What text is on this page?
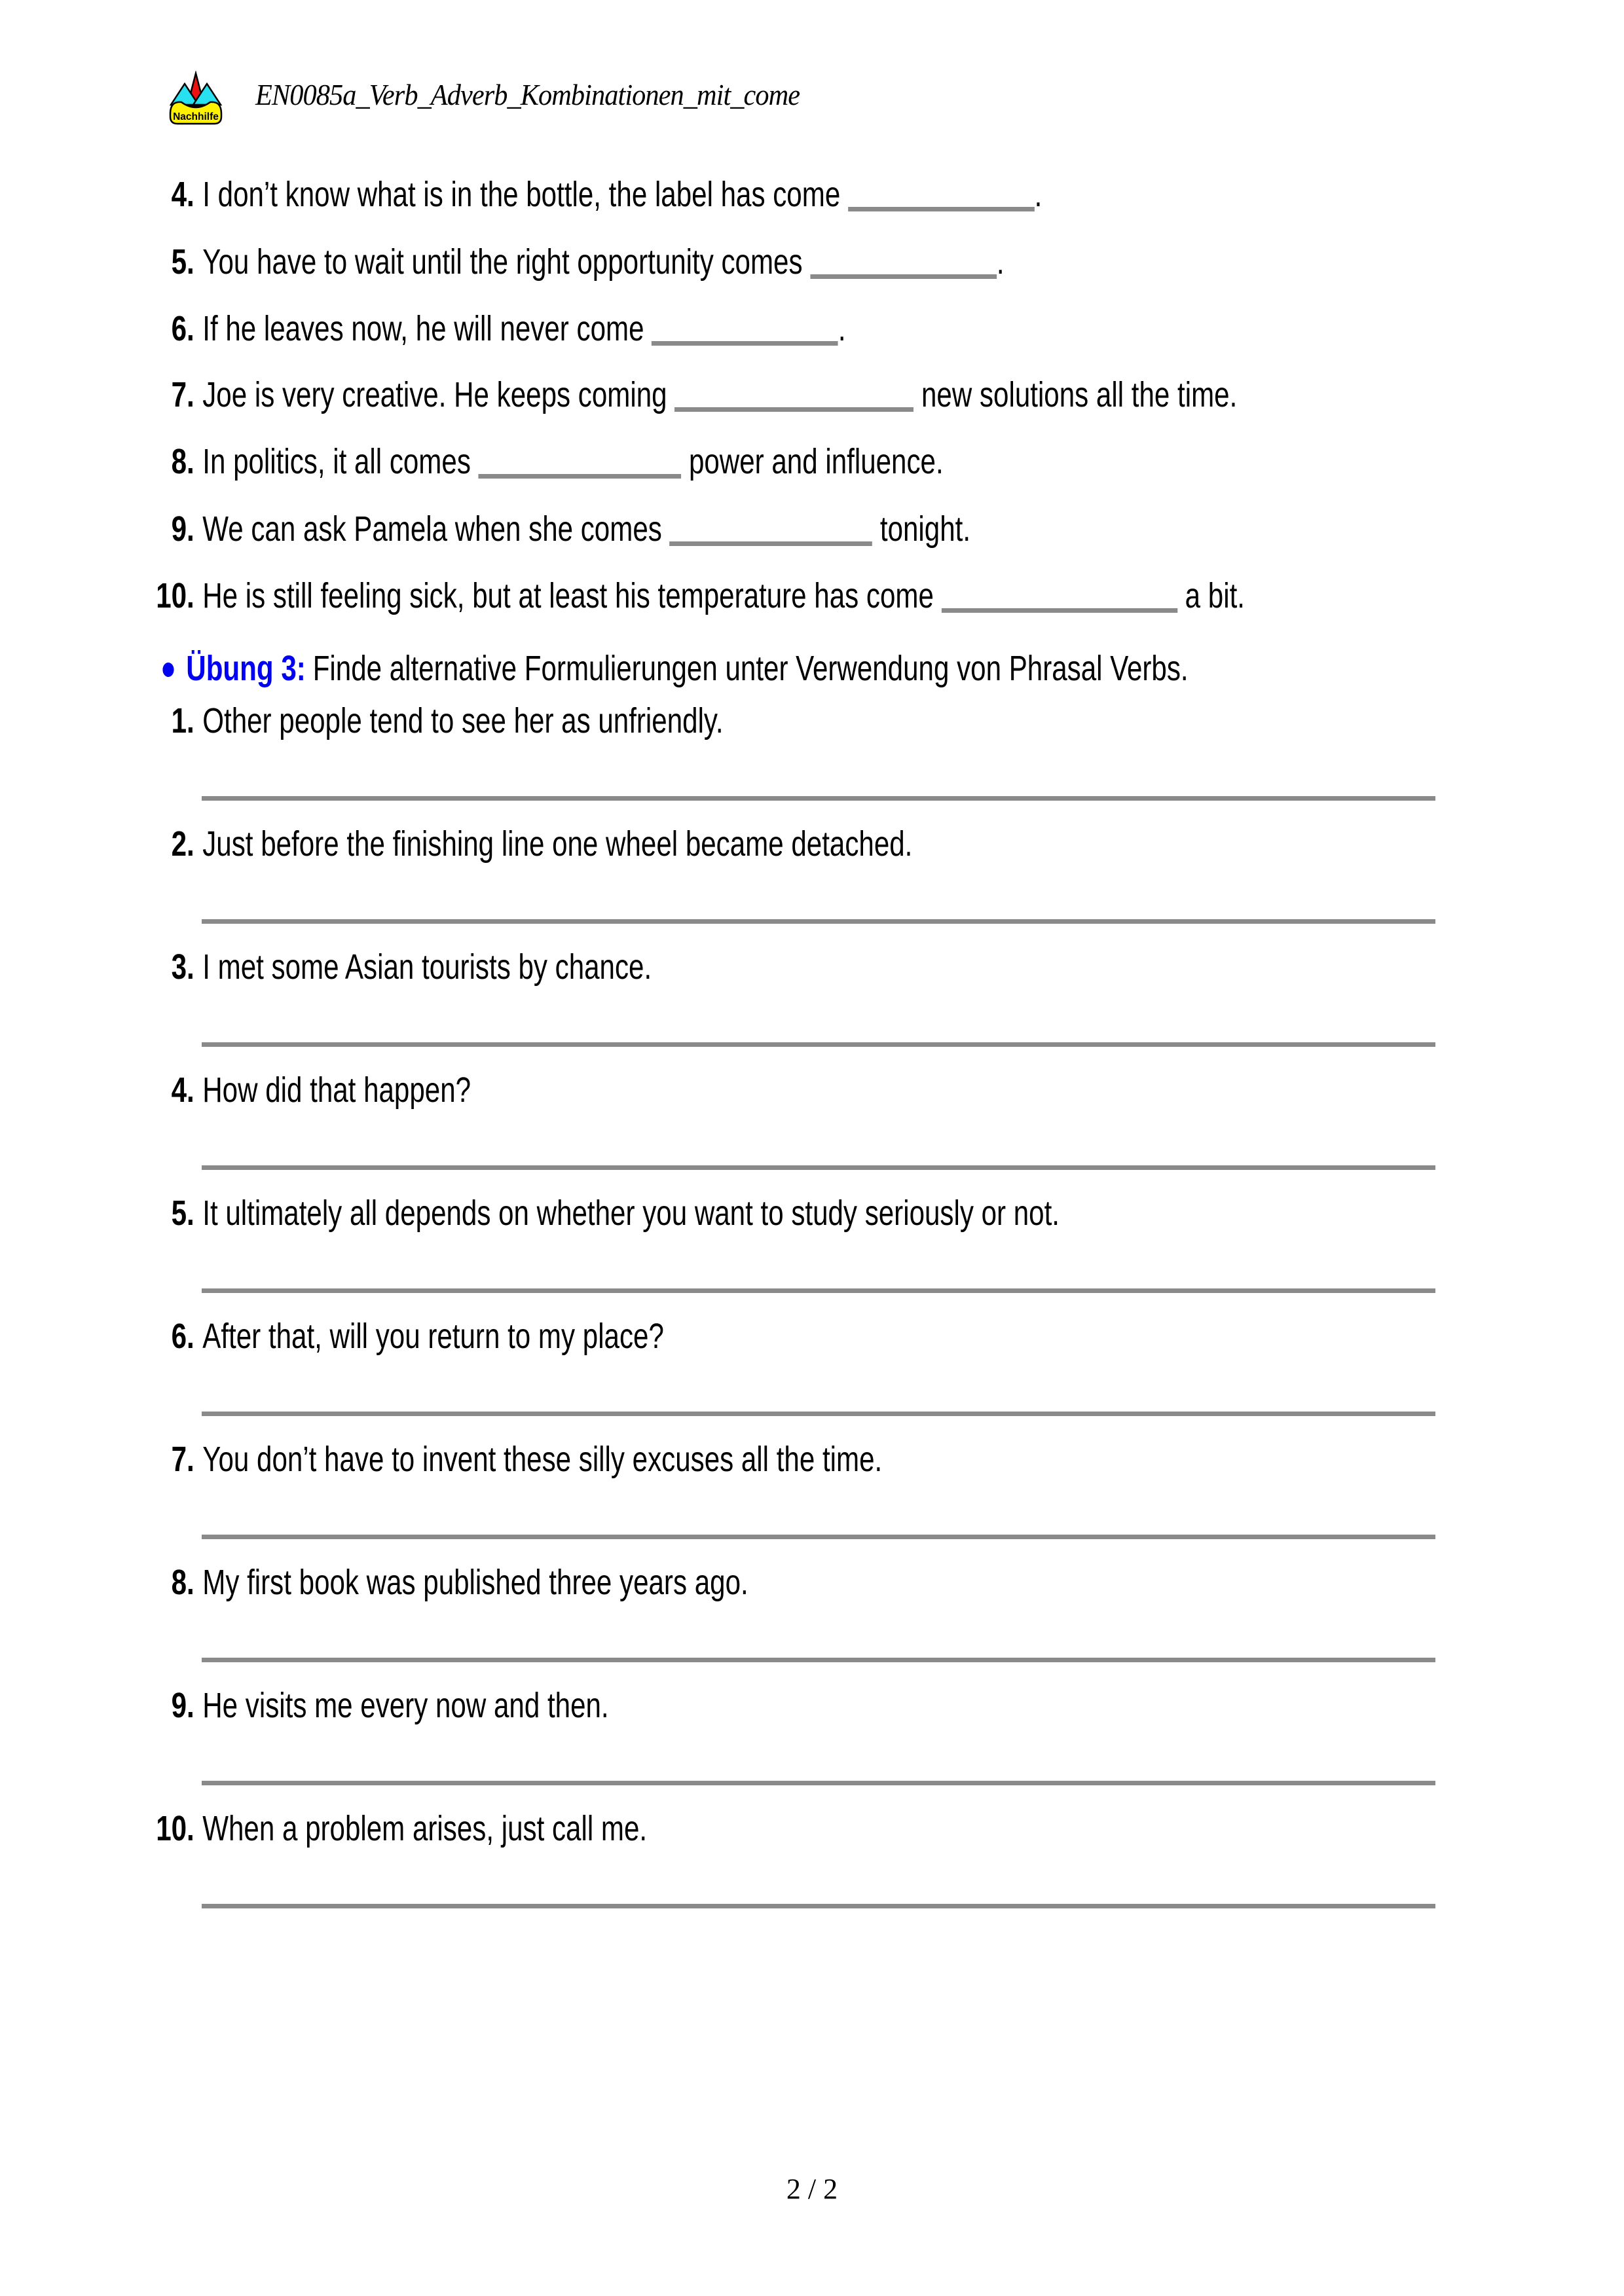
Nachhilfe
EN0085a_Verb_Adverb_Kombinationen_mit_come
4. I don’t know what is in the bottle, the label has come	.
5. You have to wait until the right opportunity comes	.
6. If he leaves now, he will never come	.
7. Joe is very creative. He keeps coming	new solutions all the time.
8. In politics, it all comes	power and influence.
9. We can ask Pamela when she comes	tonight.
10. He is still feeling sick, but at least his temperature has come	a bit.
Übung 3: Finde alternative Formulierungen unter Verwendung von Phrasal Verbs.
1. Other people tend to see her as unfriendly.
2. Just before the finishing line one wheel became detached.
3. I met some Asian tourists by chance.
4. How did that happen?
5. It ultimately all depends on whether you want to study seriously or not.
6. After that, will you return to my place?
7. You don’t have to invent these silly excuses all the time.
8. My first book was published three years ago.
9. He visits me every now and then.
10. When a problem arises, just call me.
2 / 2
